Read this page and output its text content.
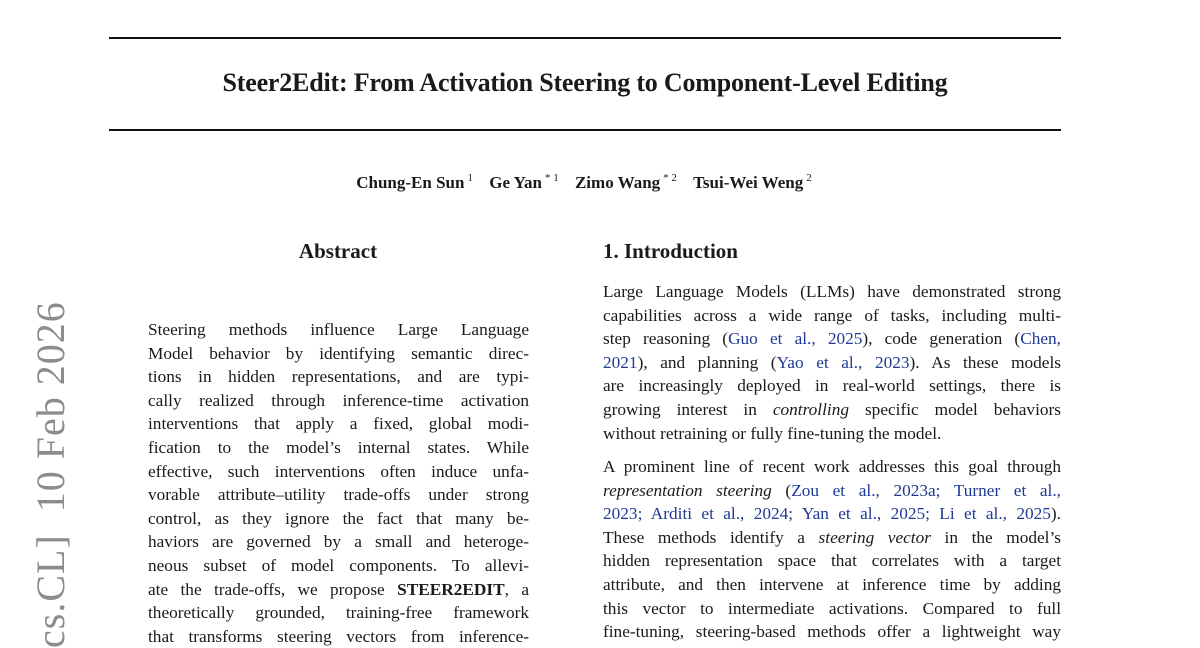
cs.CL]10 Feb 2026
Steer2Edit: From Activation Steering to Component-Level Editing
Chung-En Sun $^1$ Ge Yan $^{* 1}$ Zimo Wang $^{* 2}$ Tsui-Wei Weng $^2$
Abstract
Steering methods influence Large Language
Model behavior by identifying semantic direc-
tions in hidden representations, and are typi-
cally realized through inference-time activation
interventions that apply a fixed, global modi-
fication to the model’s internal states. While
effective, such interventions often induce unfa-
vorable attribute–utility trade-offs under strong
control, as they ignore the fact that many be-
haviors are governed by a small and heteroge-
neous subset of model components. To allevi-
ate the trade-offs, we propose STEER2EDIT, a
theoretically grounded, training-free framework
that transforms steering vectors from inference-
1. Introduction
Large Language Models (LLMs) have demonstrated strong
capabilities across a wide range of tasks, including multi-
step reasoning (Guo et al., 2025), code generation (Chen,
2021), and planning (Yao et al., 2023). As these models
are increasingly deployed in real-world settings, there is
growing interest in controlling specific model behaviors
without retraining or fully fine-tuning the model.
A prominent line of recent work addresses this goal through
representation steering (Zou et al., 2023a; Turner et al.,
2023; Arditi et al., 2024; Yan et al., 2025; Li et al., 2025).
These methods identify a steering vector in the model’s
hidden representation space that correlates with a target
attribute, and then intervene at inference time by adding
this vector to intermediate activations. Compared to full
fine-tuning, steering-based methods offer a lightweight way
